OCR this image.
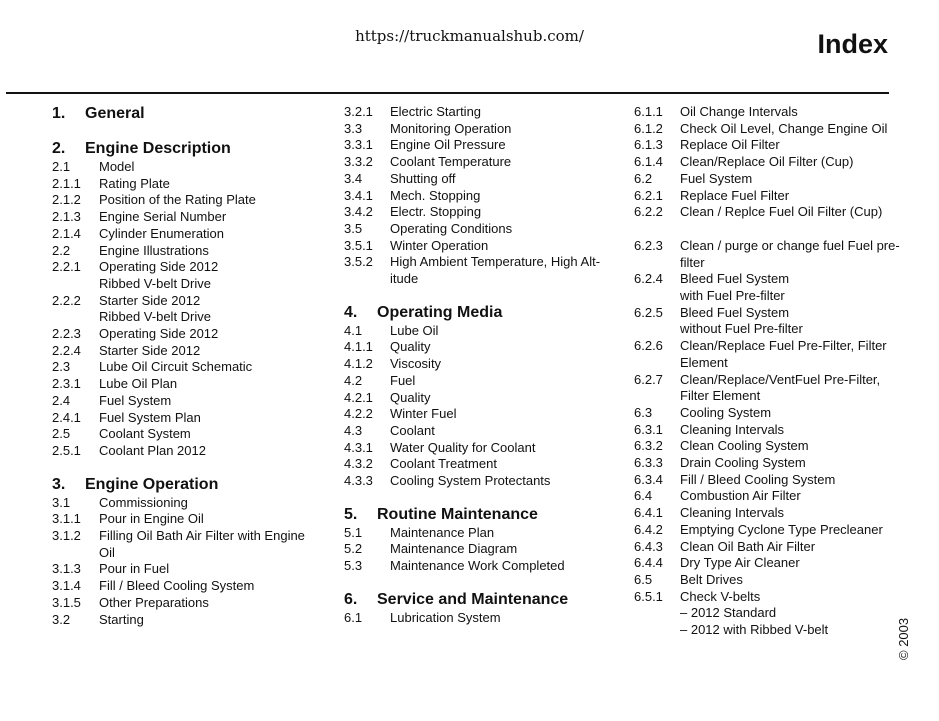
https://truckmanualshub.com/	Index
1.	General
2.	Engine Description
2.1	Model
2.1.1	Rating Plate
2.1.2	Position of the Rating Plate
2.1.3	Engine Serial Number
2.1.4	Cylinder Enumeration
2.2	Engine Illustrations
2.2.1	Operating Side 2012
Ribbed V-belt Drive
2.2.2	Starter Side 2012
Ribbed V-belt Drive
2.2.3	Operating Side 2012
2.2.4	Starter Side 2012
2.3	Lube Oil Circuit Schematic
2.3.1	Lube Oil Plan
2.4	Fuel System
2.4.1	Fuel System Plan
2.5	Coolant System
2.5.1	Coolant Plan 2012
3.	Engine Operation
3.1	Commissioning
3.1.1	Pour in Engine Oil
3.1.2	Filling Oil Bath Air Filter with Engine Oil
3.1.3	Pour in Fuel
3.1.4	Fill / Bleed Cooling System
3.1.5	Other Preparations
3.2	Starting
3.2.1	Electric Starting
3.3	Monitoring Operation
3.3.1	Engine Oil Pressure
3.3.2	Coolant Temperature
3.4	Shutting off
3.4.1	Mech. Stopping
3.4.2	Electr. Stopping
3.5	Operating Conditions
3.5.1	Winter Operation
3.5.2	High Ambient Temperature, High Alt-itude
4.	Operating Media
4.1	Lube Oil
4.1.1	Quality
4.1.2	Viscosity
4.2	Fuel
4.2.1	Quality
4.2.2	Winter Fuel
4.3	Coolant
4.3.1	Water Quality for Coolant
4.3.2	Coolant Treatment
4.3.3	Cooling System Protectants
5.	Routine Maintenance
5.1	Maintenance Plan
5.2	Maintenance Diagram
5.3	Maintenance Work Completed
6.	Service and Maintenance
6.1	Lubrication System
6.1.1	Oil Change Intervals
6.1.2	Check Oil Level, Change Engine Oil
6.1.3	Replace Oil Filter
6.1.4	Clean/Replace Oil Filter (Cup)
6.2	Fuel System
6.2.1	Replace Fuel Filter
6.2.2	Clean / Replce Fuel Oil Filter (Cup)
6.2.3	Clean / purge or change fuel Fuel pre-filter
6.2.4	Bleed Fuel System
with Fuel Pre-filter
6.2.5	Bleed Fuel System
without Fuel Pre-filter
6.2.6	Clean/Replace Fuel Pre-Filter, Filter Element
6.2.7	Clean/Replace/VentFuel Pre-Filter, Filter Element
6.3	Cooling System
6.3.1	Cleaning Intervals
6.3.2	Clean Cooling System
6.3.3	Drain Cooling System
6.3.4	Fill / Bleed Cooling System
6.4	Combustion Air Filter
6.4.1	Cleaning Intervals
6.4.2	Emptying Cyclone Type Precleaner
6.4.3	Clean Oil Bath Air Filter
6.4.4	Dry Type Air Cleaner
6.5	Belt Drives
6.5.1	Check V-belts
– 2012 Standard
– 2012 with Ribbed V-belt	© 2003
